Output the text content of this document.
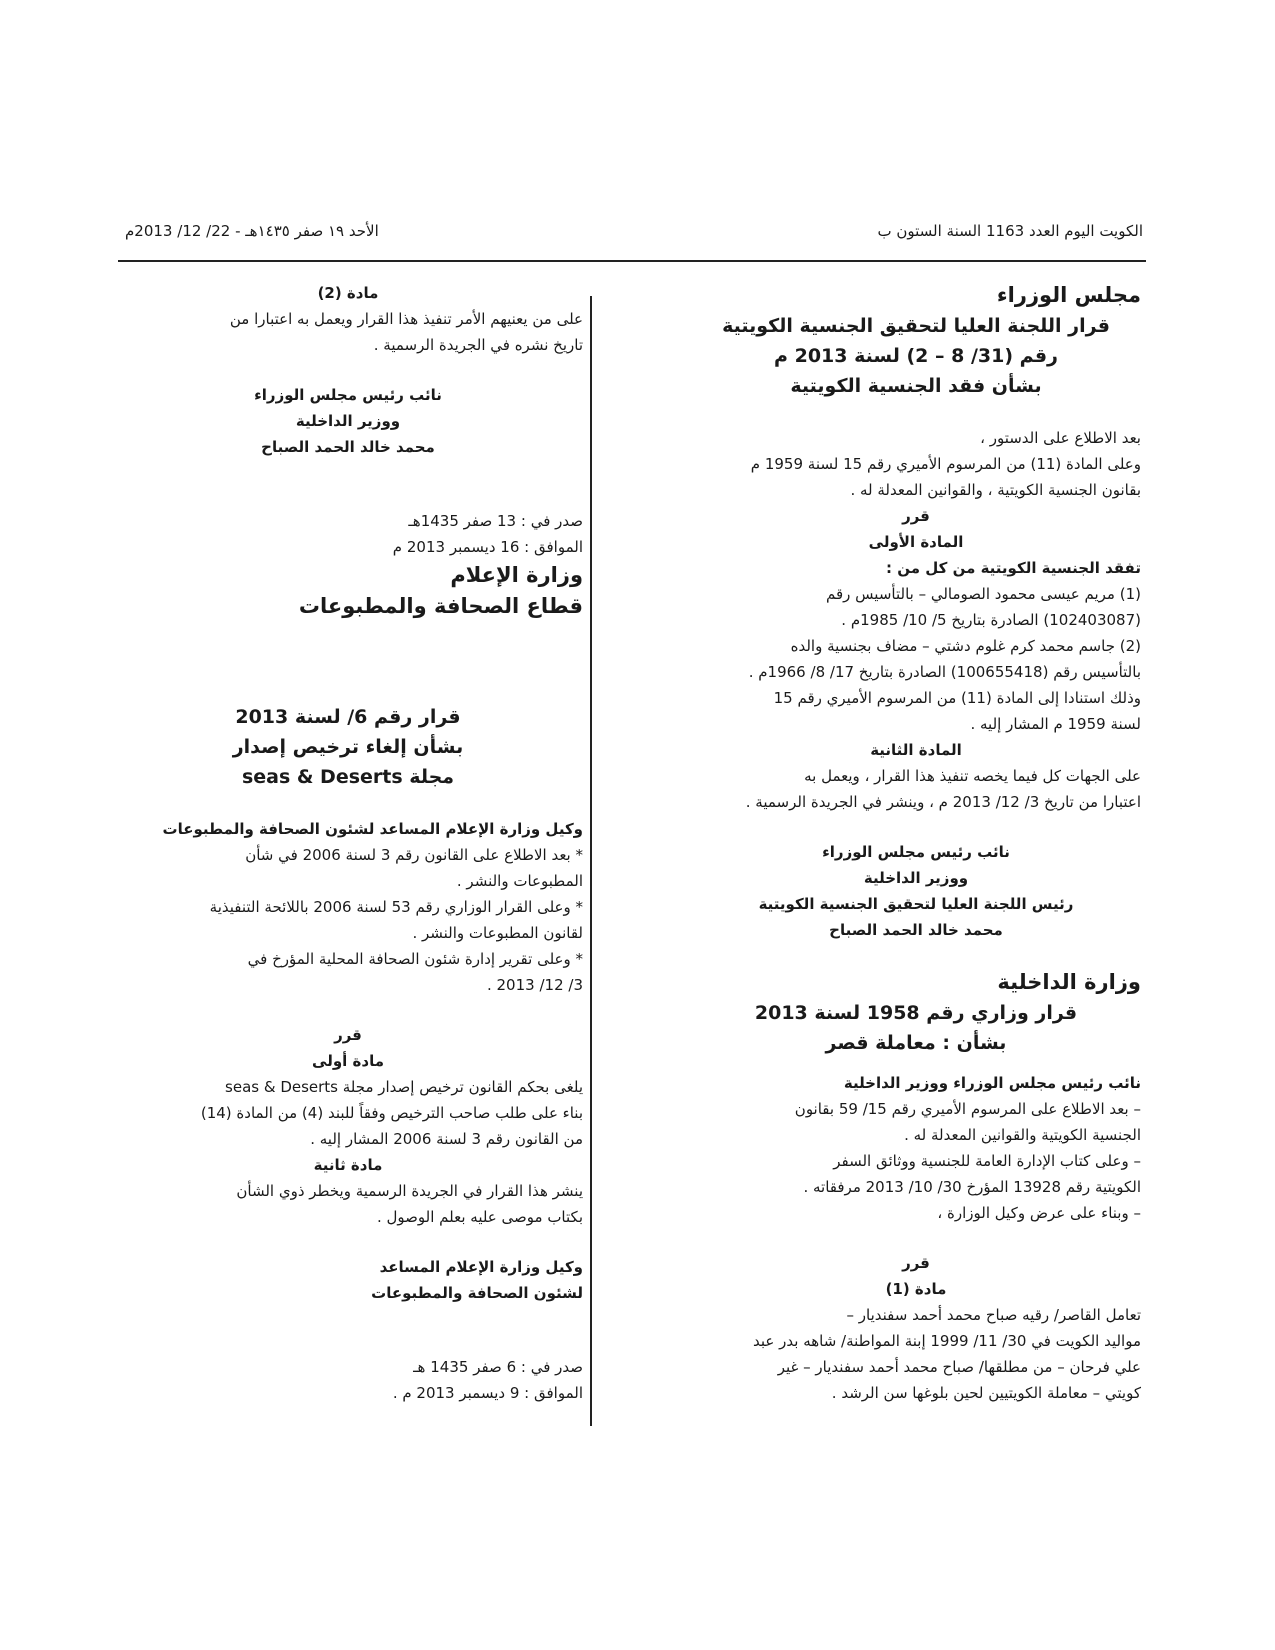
الكويت اليوم العدد 1163 السنة الستون ب
الأحد ١٩ صفر ١٤٣٥هـ - 22/ 12/ 2013م
مجلس الوزراء
قرار اللجنة العليا لتحقيق الجنسية الكويتية
رقم (31/ 8 – 2) لسنة 2013 م
بشأن فقد الجنسية الكويتية
بعد الاطلاع على الدستور ،
وعلى المادة (11) من المرسوم الأميري رقم 15 لسنة 1959 م
بقانون الجنسية الكويتية ، والقوانين المعدلة له .
قرر
المادة الأولى
تفقد الجنسية الكويتية من كل من :
(1) مريم عيسى محمود الصومالي – بالتأسيس رقم
(102403087) الصادرة بتاريخ 5/ 10/ 1985م .
(2) جاسم محمد كرم غلوم دشتي – مضاف بجنسية والده
بالتأسيس رقم (100655418) الصادرة بتاريخ 17/ 8/ 1966م .
وذلك استنادا إلى المادة (11) من المرسوم الأميري رقم 15
لسنة 1959 م المشار إليه .
المادة الثانية
على الجهات كل فيما يخصه تنفيذ هذا القرار ، ويعمل به
اعتبارا من تاريخ 3/ 12/ 2013 م ، وينشر في الجريدة الرسمية .
نائب رئيس مجلس الوزراء
ووزير الداخلية
رئيس اللجنة العليا لتحقيق الجنسية الكويتية
محمد خالد الحمد الصباح
وزارة الداخلية
قرار وزاري رقم 1958 لسنة 2013
بشأن : معاملة قصر
نائب رئيس مجلس الوزراء ووزير الداخلية
– بعد الاطلاع على المرسوم الأميري رقم 15/ 59 بقانون
الجنسية الكويتية والقوانين المعدلة له .
– وعلى كتاب الإدارة العامة للجنسية ووثائق السفر
الكويتية رقم 13928 المؤرخ 30/ 10/ 2013 مرفقاته .
– وبناء على عرض وكيل الوزارة ،
قرر
مادة (1)
تعامل القاصر/ رقيه صباح محمد أحمد سفنديار –
مواليد الكويت في 30/ 11/ 1999 إبنة المواطنة/ شاهه بدر عبد
علي فرحان – من مطلقها/ صباح محمد أحمد سفنديار – غير
كويتي – معاملة الكويتيين لحين بلوغها سن الرشد .
مادة (2)
على من يعنيهم الأمر تنفيذ هذا القرار ويعمل به اعتبارا من
تاريخ نشره في الجريدة الرسمية .
نائب رئيس مجلس الوزراء
ووزير الداخلية
محمد خالد الحمد الصباح
صدر في : 13 صفر 1435هـ
الموافق : 16 ديسمبر 2013 م
وزارة الإعلام
قطاع الصحافة والمطبوعات
قرار رقم 6/ لسنة 2013
بشأن إلغاء ترخيص إصدار
مجلة seas & Deserts
وكيل وزارة الإعلام المساعد لشئون الصحافة والمطبوعات
* بعد الاطلاع على القانون رقم 3 لسنة 2006 في شأن
المطبوعات والنشر .
* وعلى القرار الوزاري رقم 53 لسنة 2006 باللائحة التنفيذية
لقانون المطبوعات والنشر .
* وعلى تقرير إدارة شئون الصحافة المحلية المؤرخ في
3/ 12/ 2013 .
قرر
مادة أولى
يلغى بحكم القانون ترخيص إصدار مجلة seas & Deserts
بناء على طلب صاحب الترخيص وفقاً للبند (4) من المادة (14)
من القانون رقم 3 لسنة 2006 المشار إليه .
مادة ثانية
ينشر هذا القرار في الجريدة الرسمية ويخطر ذوي الشأن
بكتاب موصى عليه بعلم الوصول .
وكيل وزارة الإعلام المساعد
لشئون الصحافة والمطبوعات
صدر في : 6 صفر 1435 هـ
الموافق : 9 ديسمبر 2013 م .
